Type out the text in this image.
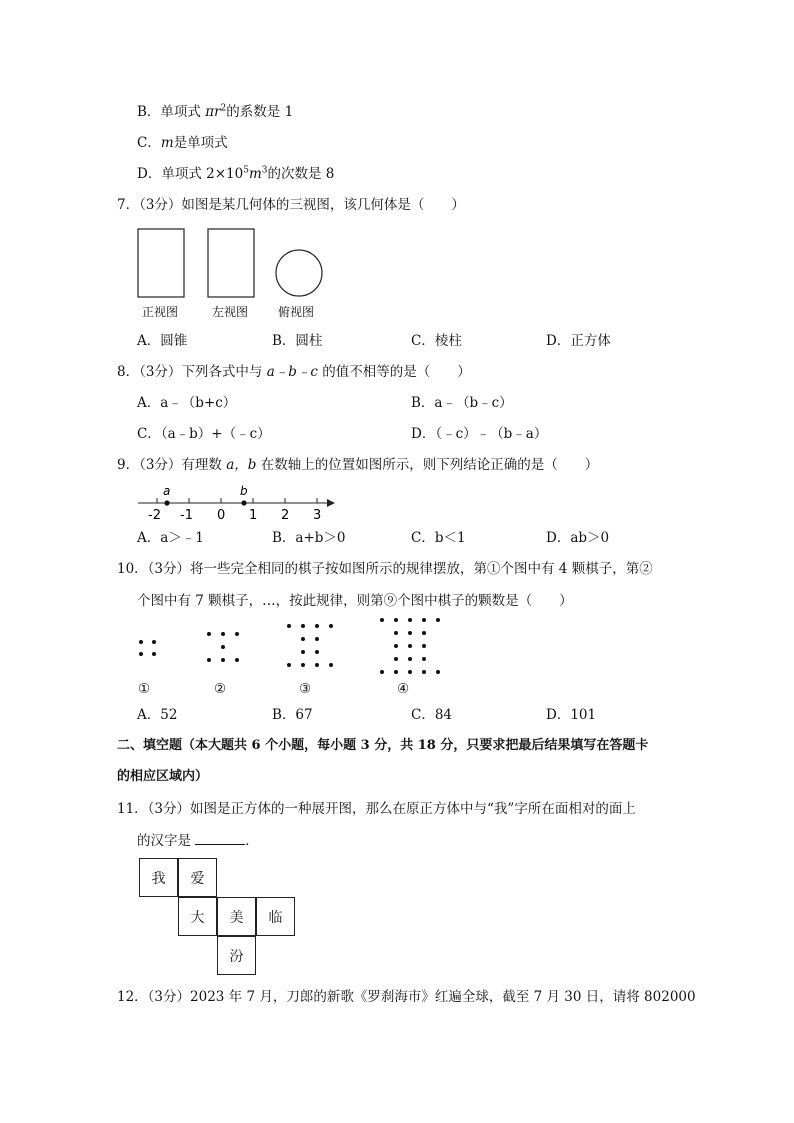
B．单项式 $\pi r^2$的系数是 1
C．m是单项式
D．单项式 $2\times 10^5m^3$的次数是 8
7．（3分）如图是某几何体的三视图，该几何体是（　　）
正视图	左视图 俯视图
A．圆锥	B．圆柱	C．棱柱	D．正方体
8．（3分）下列各式中与 a﹣b﹣c 的值不相等的是（　　）
A．a﹣（b+c）	B．a﹣（b﹣c）
C．（a﹣b）+（﹣c）	D．（﹣c）﹣（b﹣a）
9．（3分）有理数 a，b 在数轴上的位置如图所示，则下列结论正确的是（　　）
a	b
-2 -1 0 1 2 3
A．a＞﹣1	B．a+b＞0	C．b＜1	D．ab＞0
10．（3分）将一些完全相同的棋子按如图所示的规律摆放，第①个图中有 4 颗棋子，第②
个图中有 7 颗棋子，…，按此规律，则第⑨个图中棋子的颗数是（　　）
①	②	③	④
A．52	B．67	C．84	D．101
二、填空题（本大题共 6 个小题，每小题 3 分，共 18 分，只要求把最后结果填写在答题卡
的相应区域内）
11．（3分）如图是正方体的一种展开图，那么在原正方体中与“我”字所在面相对的面上
的汉字是	．
我	爱
大	美	临
汾
12．（3分）2023 年 7 月，刀郎的新歌《罗刹海市》红遍全球，截至 7 月 30 日，请将 802000
